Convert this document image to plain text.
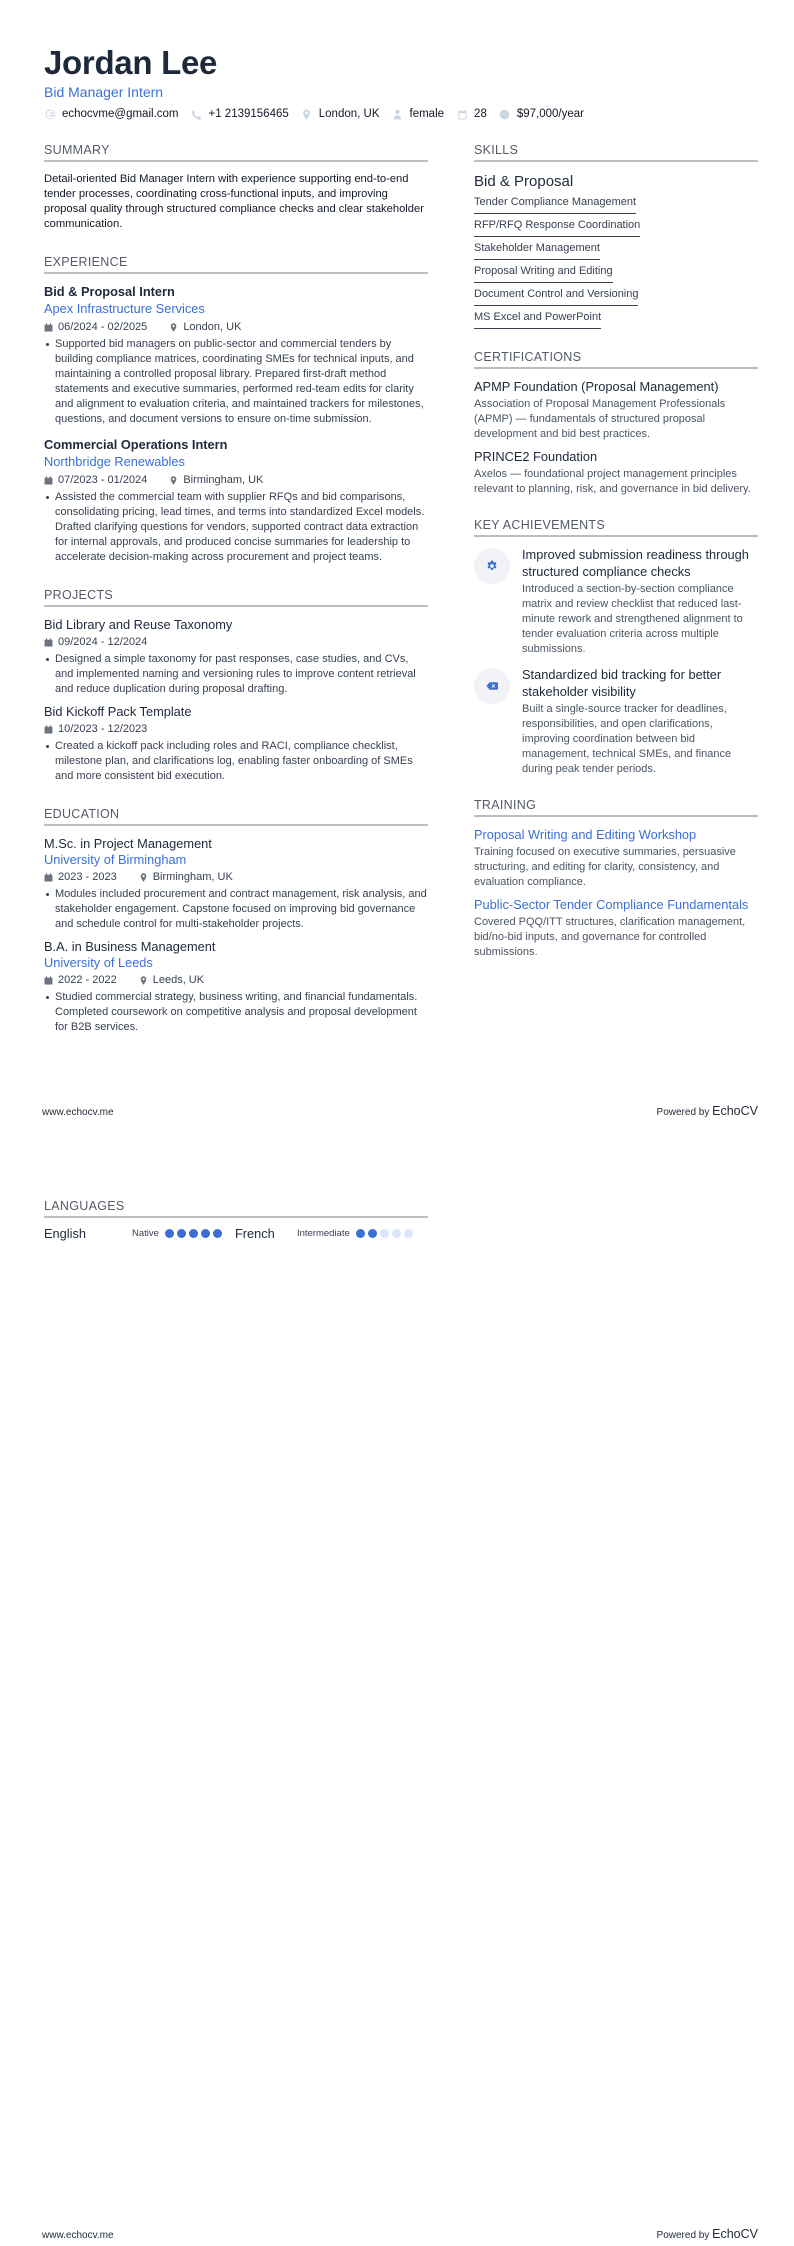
Jordan Lee
Bid Manager Intern
echocvme@gmail.com	+1 2139156465	London, UK	female	28	$97,000/year
SUMMARY
Detail-oriented Bid Manager Intern with experience supporting end-to-end tender processes, coordinating cross-functional inputs, and improving proposal quality through structured compliance checks and clear stakeholder communication.
EXPERIENCE
Bid & Proposal Intern
Apex Infrastructure Services
06/2024 - 02/2025	London, UK
Supported bid managers on public-sector and commercial tenders by building compliance matrices, coordinating SMEs for technical inputs, and maintaining a controlled proposal library. Prepared first-draft method statements and executive summaries, performed red-team edits for clarity and alignment to evaluation criteria, and maintained trackers for milestones, questions, and document versions to ensure on-time submission.
Commercial Operations Intern
Northbridge Renewables
07/2023 - 01/2024	Birmingham, UK
Assisted the commercial team with supplier RFQs and bid comparisons, consolidating pricing, lead times, and terms into standardized Excel models. Drafted clarifying questions for vendors, supported contract data extraction for internal approvals, and produced concise summaries for leadership to accelerate decision-making across procurement and project teams.
PROJECTS
Bid Library and Reuse Taxonomy
09/2024 - 12/2024
Designed a simple taxonomy for past responses, case studies, and CVs, and implemented naming and versioning rules to improve content retrieval and reduce duplication during proposal drafting.
Bid Kickoff Pack Template
10/2023 - 12/2023
Created a kickoff pack including roles and RACI, compliance checklist, milestone plan, and clarifications log, enabling faster onboarding of SMEs and more consistent bid execution.
EDUCATION
M.Sc. in Project Management
University of Birmingham
2023 - 2023	Birmingham, UK
Modules included procurement and contract management, risk analysis, and stakeholder engagement. Capstone focused on improving bid governance and schedule control for multi-stakeholder projects.
B.A. in Business Management
University of Leeds
2022 - 2022	Leeds, UK
Studied commercial strategy, business writing, and financial fundamentals. Completed coursework on competitive analysis and proposal development for B2B services.
SKILLS
Bid & Proposal
Tender Compliance Management
RFP/RFQ Response Coordination
Stakeholder Management
Proposal Writing and Editing
Document Control and Versioning
MS Excel and PowerPoint
CERTIFICATIONS
APMP Foundation (Proposal Management)
Association of Proposal Management Professionals (APMP) — fundamentals of structured proposal development and bid best practices.
PRINCE2 Foundation
Axelos — foundational project management principles relevant to planning, risk, and governance in bid delivery.
KEY ACHIEVEMENTS
Improved submission readiness through structured compliance checks
Introduced a section-by-section compliance matrix and review checklist that reduced last-minute rework and strengthened alignment to tender evaluation criteria across multiple submissions.
Standardized bid tracking for better stakeholder visibility
Built a single-source tracker for deadlines, responsibilities, and open clarifications, improving coordination between bid management, technical SMEs, and finance during peak tender periods.
TRAINING
Proposal Writing and Editing Workshop
Training focused on executive summaries, persuasive structuring, and editing for clarity, consistency, and evaluation compliance.
Public-Sector Tender Compliance Fundamentals
Covered PQQ/ITT structures, clarification management, bid/no-bid inputs, and governance for controlled submissions.
www.echocv.me	Powered by EchoCV
LANGUAGES
English	Native	French	Intermediate
www.echocv.me	Powered by EchoCV
